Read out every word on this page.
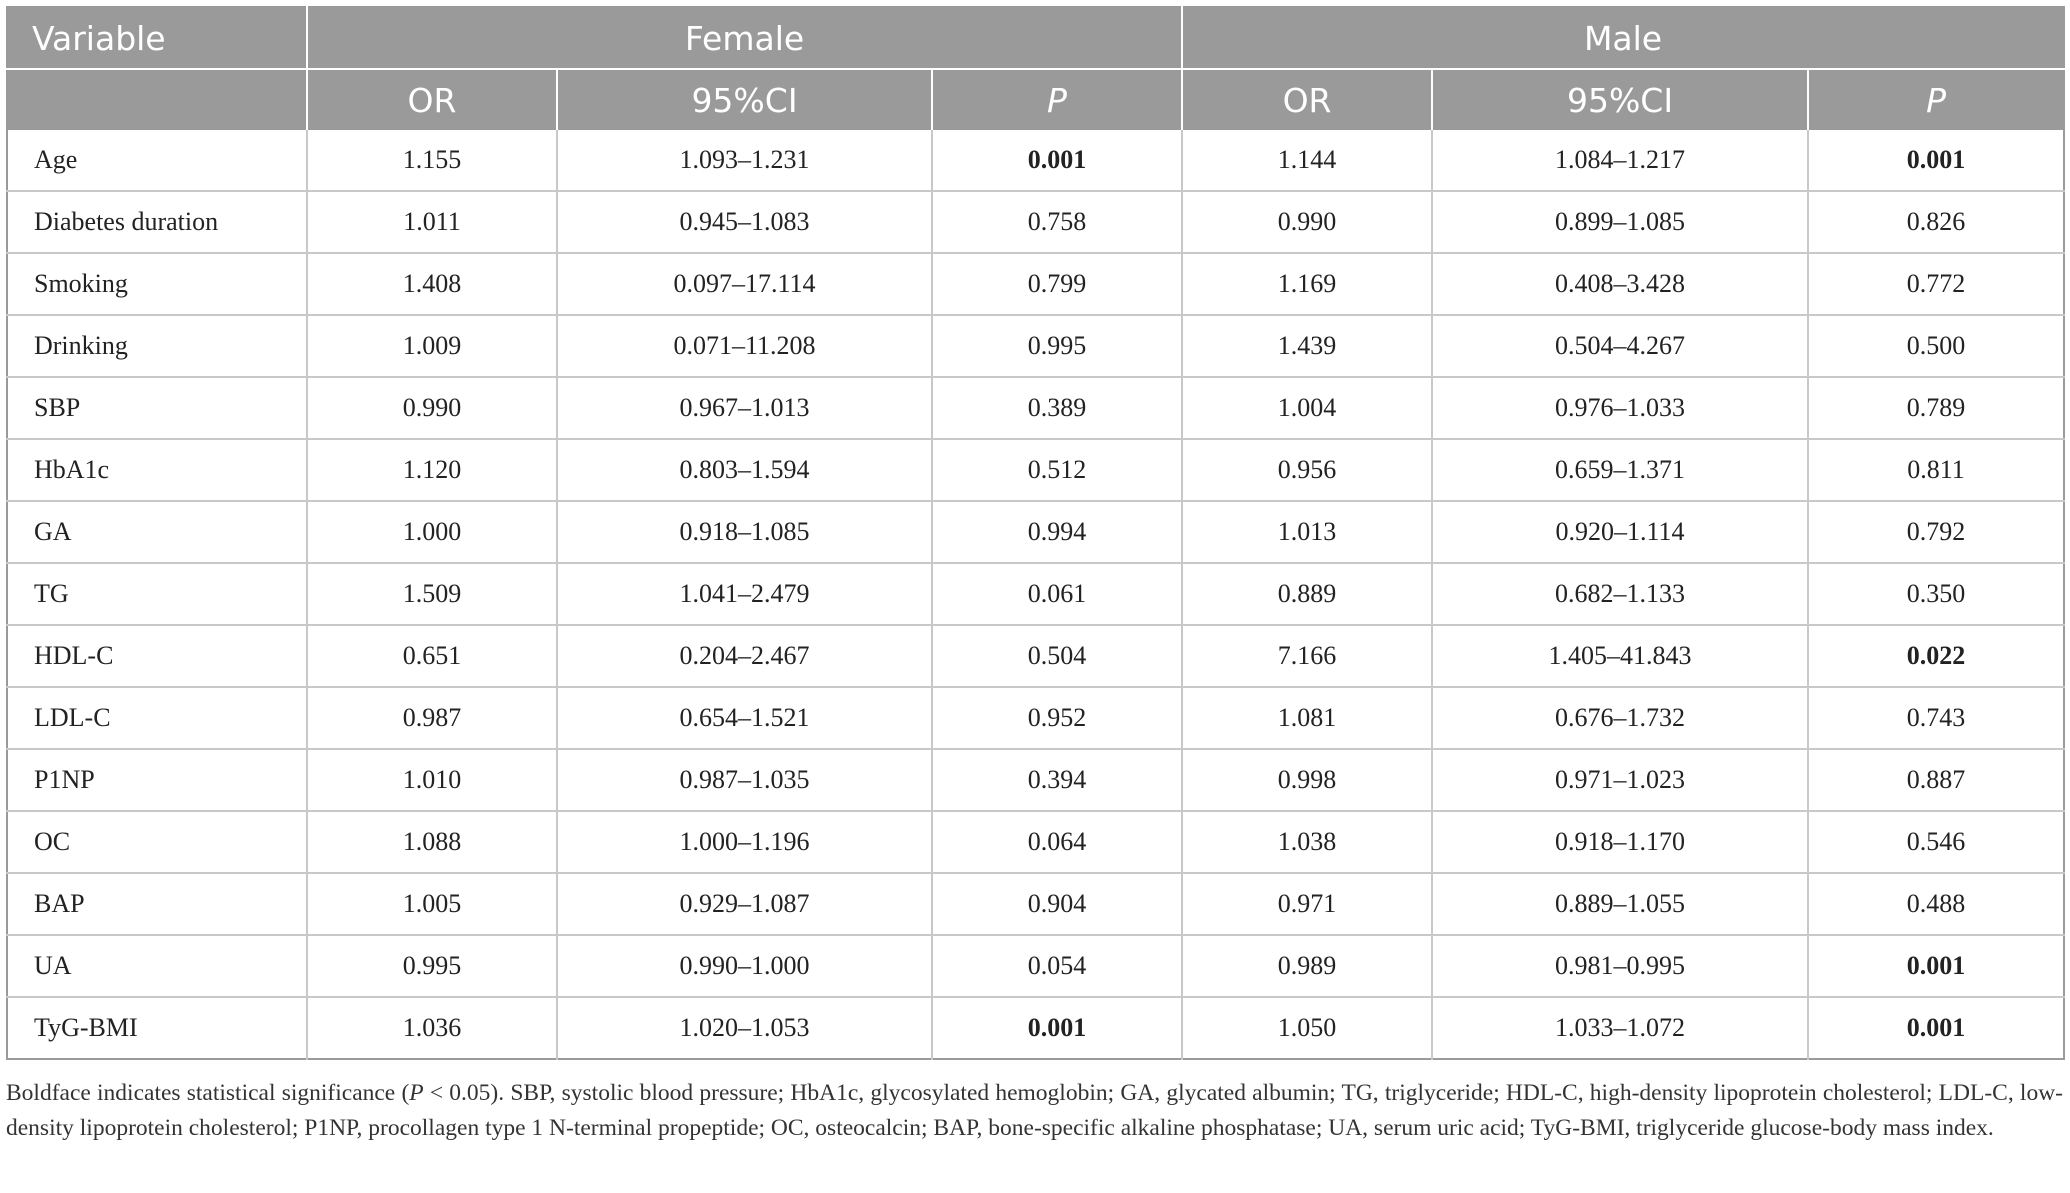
Variable	Female			Male		
	OR	95%CI	P	OR	95%CI	P
Age	1.155	1.093–1.231	0.001	1.144	1.084–1.217	0.001
Diabetes duration	1.011	0.945–1.083	0.758	0.990	0.899–1.085	0.826
Smoking	1.408	0.097–17.114	0.799	1.169	0.408–3.428	0.772
Drinking	1.009	0.071–11.208	0.995	1.439	0.504–4.267	0.500
SBP	0.990	0.967–1.013	0.389	1.004	0.976–1.033	0.789
HbA1c	1.120	0.803–1.594	0.512	0.956	0.659–1.371	0.811
GA	1.000	0.918–1.085	0.994	1.013	0.920–1.114	0.792
TG	1.509	1.041–2.479	0.061	0.889	0.682–1.133	0.350
HDL-C	0.651	0.204–2.467	0.504	7.166	1.405–41.843	0.022
LDL-C	0.987	0.654–1.521	0.952	1.081	0.676–1.732	0.743
P1NP	1.010	0.987–1.035	0.394	0.998	0.971–1.023	0.887
OC	1.088	1.000–1.196	0.064	1.038	0.918–1.170	0.546
BAP	1.005	0.929–1.087	0.904	0.971	0.889–1.055	0.488
UA	0.995	0.990–1.000	0.054	0.989	0.981–0.995	0.001
TyG-BMI	1.036	1.020–1.053	0.001	1.050	1.033–1.072	0.001

Boldface indicates statistical significance (P < 0.05). SBP, systolic blood pressure; HbA1c, glycosylated hemoglobin; GA, glycated albumin; TG, triglyceride; HDL-C, high-density lipoprotein cholesterol; LDL-C, low-density lipoprotein cholesterol; P1NP, procollagen type 1 N-terminal propeptide; OC, osteocalcin; BAP, bone-specific alkaline phosphatase; UA, serum uric acid; TyG-BMI, triglyceride glucose-body mass index.
